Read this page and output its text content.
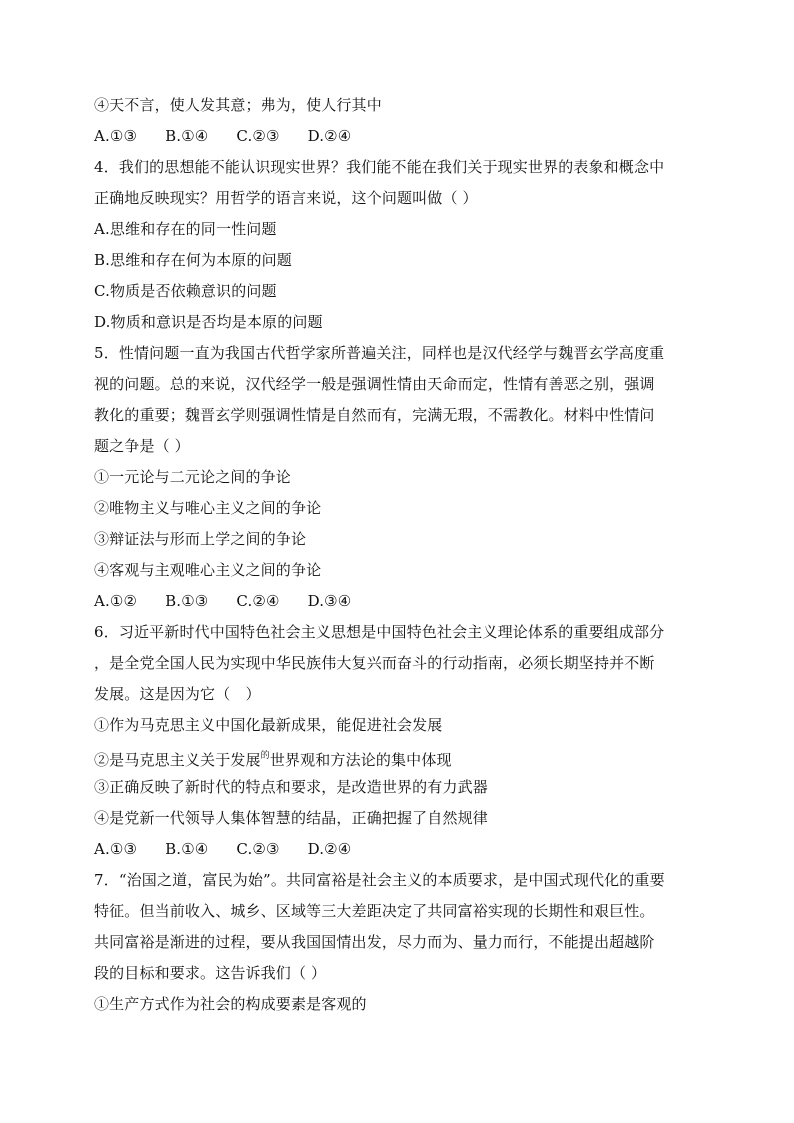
④天不言，使人发其意；弗为，使人行其中
A.①③ B.①④ C.②③ D.②④
4．我们的思想能不能认识现实世界？我们能不能在我们关于现实世界的表象和概念中
正确地反映现实？用哲学的语言来说，这个问题叫做（ ）
A.思维和存在的同一性问题
B.思维和存在何为本原的问题
C.物质是否依赖意识的问题
D.物质和意识是否均是本原的问题
5．性情问题一直为我国古代哲学家所普遍关注，同样也是汉代经学与魏晋玄学高度重
视的问题。总的来说，汉代经学一般是强调性情由天命而定，性情有善恶之别，强调
教化的重要；魏晋玄学则强调性情是自然而有，完满无瑕，不需教化。材料中性情问
题之争是（ ）
①一元论与二元论之间的争论
②唯物主义与唯心主义之间的争论
③辩证法与形而上学之间的争论
④客观与主观唯心主义之间的争论
A.①② B.①③ C.②④ D.③④
6．习近平新时代中国特色社会主义思想是中国特色社会主义理论体系的重要组成部分
，是全党全国人民为实现中华民族伟大复兴而奋斗的行动指南，必须长期坚持并不断
发展。这是因为它（　）
①作为马克思主义中国化最新成果，能促进社会发展
②是马克思主义关于发展$^的$世界观和方法论的集中体现
③正确反映了新时代的特点和要求，是改造世界的有力武器
④是党新一代领导人集体智慧的结晶，正确把握了自然规律
A.①③ B.①④ C.②③ D.②④
7．“治国之道，富民为始”。共同富裕是社会主义的本质要求，是中国式现代化的重要
特征。但当前收入、城乡、区域等三大差距决定了共同富裕实现的长期性和艰巨性。
共同富裕是渐进的过程，要从我国国情出发，尽力而为、量力而行，不能提出超越阶
段的目标和要求。这告诉我们（ ）
①生产方式作为社会的构成要素是客观的
